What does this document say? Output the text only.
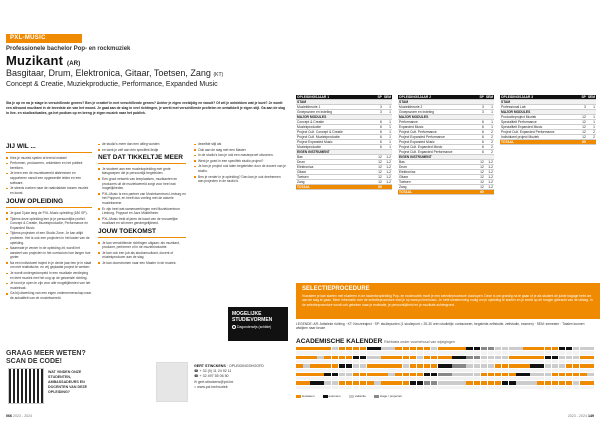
PXL-MUSIC
Professionele bachelor Pop- en rockmuziek
Muzikant (AR)
Basgitaar, Drum, Elektronica, Gitaar, Toetsen, Zang (KT)
Concept & Creatie, Muziekproductie, Performance, Expanded Music
Sta je op en na je stage in verschillende genres? Ben je creatief in met verschillende genres? Achter je eigen veelzijdig en vanuit? Of wil je ontdekken wat je kunt? Je wordt een allround muzikant in de breedste zin van het woord. Je gaat aan de slag in veel richtingen, je werkt met verschillende profielen en ontwikkelt je eigen stijl. Ga aan de slag in live- en studiosituaties, ga het podium op en breng je eigen muziek naar het publiek.
JIJ WIL ...
Kies je muziek spelen al lerend maken!
Performen, produceren, ontdekken en het publiek bereiken.
Je leren een de muziekwereld afstemmen en rapporteren vanuit een opgewerkte leider en een software.
Je steeds zoeken naar de raakvlakken tussen muziek en kunst.
JOUW OPLEIDING
Je gaat 3 jaar lang de PXL-Music opleiding (180 SP).
Tijdens deze opleiding leer je je persoonlijke profiel: Concept & Creatie, Muziekproductie, Performance en Expanded Music.
Tijdens projecten of een Studio Zone. Je kan altijd proberen. Het is ook een projecten in het kader van de opleiding.
Naarmate je verder in de opleiding zit, wordt het aandeel van projecten in het curriculum hoe langer hoe groter.
Na een individueel traject in je derde jaar ben je in staat om met realistische, en vrij geplaatst project te werken.
Je wordt ondergedompeld in een muzikale verdieping en leert muziek met het oog op de gewenste richting.
Je toont je open te zijn voor alle mogelijkheden van het muziekvak.
Ga bij uitwerking van een eigen ondernemerschap naar de actualiteit van de muziekwereld.
de studio's meer dan een uitleg worden
en werk je zelf aan één specifiek liedje
NET DAT TIKKELTJE MEER
Je studeert aan een muziekopleiding met grote klasgroepen die je persoonlijk begeleiden.
Een groot netwerk van leerplaatsen, muzikanten en producers uit de muziekwereld zorgt voor heel wat mogelijkheden.
PXL-Music is een partner van Muziekcentrum Limburg en het Poppunt, en heeft dus voeling met de actuele muziekscene.
Er zijn heel wat samenwerkingen met Muziekcentrum Limburg, Poppunt en Jazz Middelheim.
PXL-Music trekt al jaren de kaart van de vrouwelijke muzikant en wil meer gendergelijkheid.
JOUW TOEKOMST
Je kan verschillende richtingen uitgaan: als muzikant, producer, performer of in de muziekindustrie.
Je kan ook een job als studiomuzikant, docent of muziekproducer aan de slag.
Je kan doorstromen naar een Master in de muziek.
dezelfde stijl als
Ook aan de slag met een Master
In de studio's kan je ook een masterproef uitvoeren.
Werk je goed in een specifiek studio project?
Je kan je project ook laten begeleiden door de docent van je studio.
Ben je verder in je opleiding? Dan kan je ook deelnemen aan projecten in de studio's.
MOGELIJKE
STUDIEVORMEN
Dagonderwijs (schilde)
GRAAG MEER WETEN?
SCAN DE CODE!
WAT VINDEN ONZE STUDENTEN, AMBASSADEURS EN DOCENTEN VAN DEZE OPLEIDING?
GERT STINCKENS · OPLEIDINGSHOOFD
☎ + 32 (0) 11 24 92 11
☎ + 32 497 55 06 50
✉ gert.stinckens@pxl.be
⌂ www.pxl.be/muziek
066 2023 - 2024	2023 - 2024 149
OPLEIDINGSJAAR 1	SP	SEM
STAM		
Muziektheorie 1	3	1
Groepsvorm en indeling	3	1
MAJOR MODULES		
Concept & Creatie	6	1
Muziekproductie	6	1
Project Cult. Concept & Creatie	6	1
Project Cult. Muziekproductie	6	1
Project Expanded Music	6	1
Muziekproductie	6	1
EIGEN INSTRUMENT		
Bas	12	1-2
Drum	12	1-2
Elektronica	12	1-2
Gitaar	12	1-2
Toetsen	12	1-2
Zang	12	1-2
TOTAAL	60	
OPLEIDINGSJAAR 2	SP	SEM
STAM		
Muziektheorie 2	3	1
Groepsvorm en indeling	3	1
MAJOR MODULES		
Performance	6	1
Expanded Music	6	1
Project Cult. Performance	6	2
Project Expanded Performance	6	2
Project Expanded Music	6	2
Project Cult. Expanded Music	6	2
Project Cult. Expanded Performance	6	2
EIGEN INSTRUMENT		
Bas	12	1-2
Drum	12	1-2
Elektronica	12	1-2
Gitaar	12	1-2
Toetsen	12	1-2
Zang	12	1-2
TOTAAL	60	
OPLEIDINGSJAAR 3	SP	SEM
STAM		
Professional Lab	3	1
MAJOR MODULES		
Productieproject Muziek	12	1
Specialiteit Performance	12	1
Specialiteit Expanded Music	12	1
Project Cult. Expanded Performance	12	2
Individueel project Muziek	12	2
TOTAAL	60	
SELECTIEPROCEDURE
Vooraleer je kan starten met studeren in de bacheloropleiding Pop- en rockmuziek moet je een selectieprocedure doorlopen. Deze is om grondig na te gaan of je als student de juiste bagage hebt om aan de slag te gaan. Meer informatie over de selectieprocedure vind je op www.pxl.be/music. Je hebt toestemming nodig om je opleiding te starten en je wordt op de hoogte gebracht van de uitslag. In de selectieprocedure wordt ook gekeken naar je motivatie, je persoonlijkheid en je muzikale achtergrond.
LEGENDE: AR: Artistieke richting · KT: Keuzetraject · SP: studiepunten (1 studiepunt = 25-30 uren studietijd: contacturen, begeleide zelfstudie, zelfstudie, examen) · SEM: semester · Totalen kunnen afwijken naar keuze
ACADEMISCHE KALENDER Richtdata onder voorbehoud van wijzigingen
lesweken	examens	vakantie	stage / projecten
